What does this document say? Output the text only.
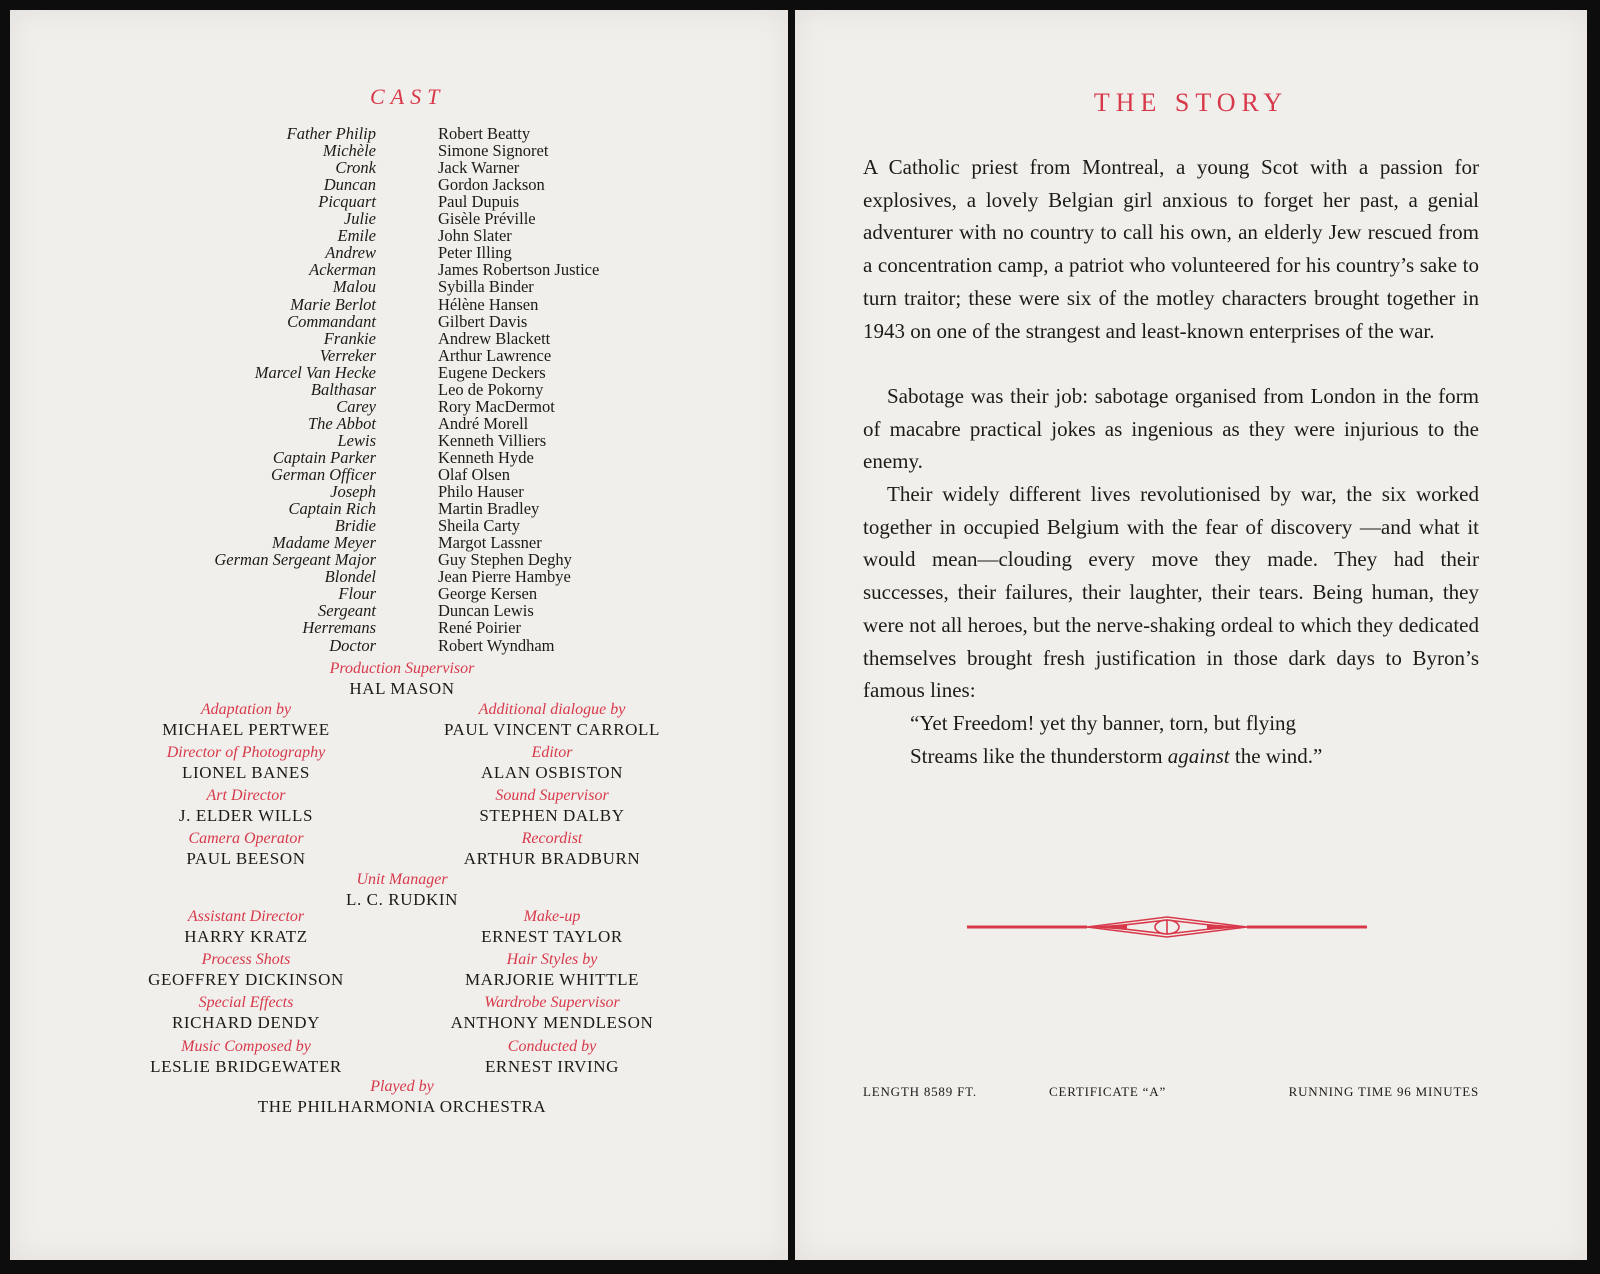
CAST
Father Philip	Robert Beatty
Michèle	Simone Signoret
Cronk	Jack Warner
Duncan	Gordon Jackson
Picquart	Paul Dupuis
Julie	Gisèle Préville
Emile	John Slater
Andrew	Peter Illing
Ackerman	James Robertson Justice
Malou	Sybilla Binder
Marie Berlot	Hélène Hansen
Commandant	Gilbert Davis
Frankie	Andrew Blackett
Verreker	Arthur Lawrence
Marcel Van Hecke	Eugene Deckers
Balthasar	Leo de Pokorny
Carey	Rory MacDermot
The Abbot	André Morell
Lewis	Kenneth Villiers
Captain Parker	Kenneth Hyde
German Officer	Olaf Olsen
Joseph	Philo Hauser
Captain Rich	Martin Bradley
Bridie	Sheila Carty
Madame Meyer	Margot Lassner
German Sergeant Major	Guy Stephen Deghy
Blondel	Jean Pierre Hambye
Flour	George Kersen
Sergeant	Duncan Lewis
Herremans	René Poirier
Doctor	Robert Wyndham
Production Supervisor
HAL MASON
Adaptation by
MICHAEL PERTWEE
Additional dialogue by
PAUL VINCENT CARROLL
Director of Photography
LIONEL BANES
Editor
ALAN OSBISTON
Art Director
J. ELDER WILLS
Sound Supervisor
STEPHEN DALBY
Camera Operator
PAUL BEESON
Recordist
ARTHUR BRADBURN
Unit Manager
L. C. RUDKIN
Assistant Director
HARRY KRATZ
Make-up
ERNEST TAYLOR
Process Shots
GEOFFREY DICKINSON
Hair Styles by
MARJORIE WHITTLE
Special Effects
RICHARD DENDY
Wardrobe Supervisor
ANTHONY MENDLESON
Music Composed by
LESLIE BRIDGEWATER
Conducted by
ERNEST IRVING
Played by
THE PHILHARMONIA ORCHESTRA
THE STORY

A Catholic priest from Montreal, a young Scot with a passion for explosives, a lovely Belgian girl anxious to forget her past, a genial adventurer with no country to call his own, an elderly Jew rescued from a concentration camp, a patriot who volunteered for his country’s sake to turn traitor; these were six of the motley characters brought together in 1943 on one of the strangest and least-known enterprises of the war.

Sabotage was their job: sabotage organised from London in the form of macabre practical jokes as ingenious as they were injurious to the enemy.

Their widely different lives revolutionised by war, the six worked together in occupied Belgium with the fear of discovery —and what it would mean—clouding every move they made. They had their successes, their failures, their laughter, their tears. Being human, they were not all heroes, but the nerve-shaking ordeal to which they dedicated themselves brought fresh justification in those dark days to Byron’s famous lines:

“Yet Freedom! yet thy banner, torn, but flying
Streams like the thunderstorm against the wind.”
LENGTH 8589 FT.	CERTIFICATE “A”	RUNNING TIME 96 MINUTES
